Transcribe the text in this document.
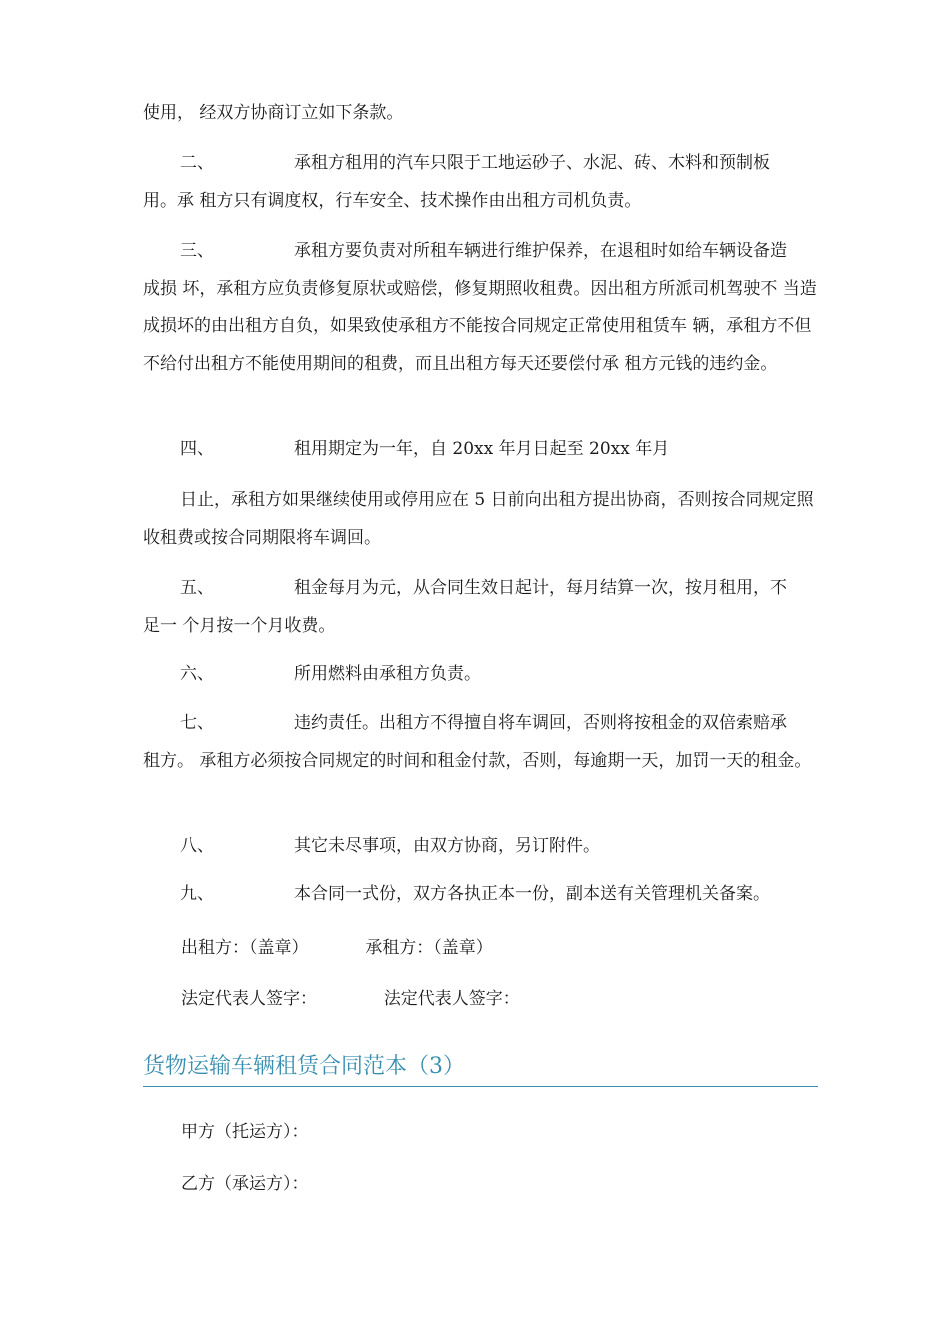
使用， 经双方协商订立如下条款。

二、	承租方租用的汽车只限于工地运砂子、水泥、砖、木料和预制板

用。承 租方只有调度权，行车安全、技术操作由出租方司机负责。

三、	承租方要负责对所租车辆进行维护保养，在退租时如给车辆设备造

成损 坏，承租方应负责修复原状或赔偿，修复期照收租费。因出租方所派司机驾驶不 当造成损坏的由出租方自负，如果致使承租方不能按合同规定正常使用租赁车 辆，承租方不但不给付出租方不能使用期间的租费，而且出租方每天还要偿付承 租方元钱的违约金。

四、	租用期定为一年，自 20xx 年月日起至 20xx 年月

日止，承租方如果继续使用或停用应在 5 日前向出租方提出协商，否则按合同规定照收租费或按合同期限将车调回。

五、	租金每月为元，从合同生效日起计，每月结算一次，按月租用，不

足一 个月按一个月收费。

六、	所用燃料由承租方负责。
七、	违约责任。出租方不得擅自将车调回，否则将按租金的双倍索赔承

租方。 承租方必须按合同规定的时间和租金付款，否则，每逾期一天，加罚一天的租金。

八、	其它未尽事项，由双方协商，另订附件。
九、	本合同一式份，双方各执正本一份，副本送有关管理机关备案。
出租方：（盖章）	承租方：（盖章）
法定代表人签字：	法定代表人签字：
货物运输车辆租赁合同范本（3）
甲方（托运方）：
乙方（承运方）：
